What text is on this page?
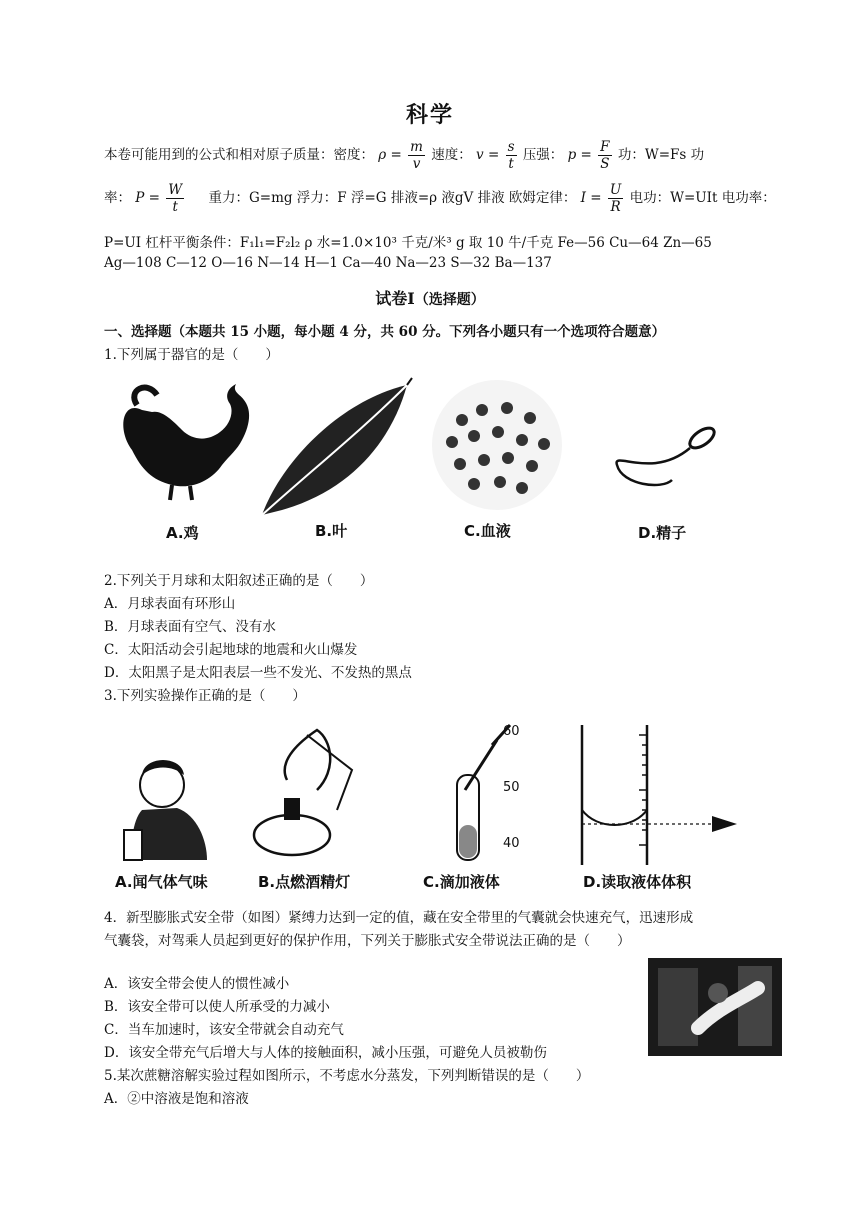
科学
本卷可能用到的公式和相对原子质量：密度： $\rho = \frac{m}{v}$ 速度： $v = \frac{s}{t}$ 压强： $p = \frac{F}{S}$ 功：W=Fs 功
率： $P = \frac{W}{t}$ 重力：G=mg 浮力：F 浮=G 排液=ρ 液gV 排液 欧姆定律： $I = \frac{U}{R}$ 电功：W=UIt 电功率：
P=UI 杠杆平衡条件：F₁l₁=F₂l₂ ρ 水=1.0×10³ 千克/米³ g 取 10 牛/千克 Fe—56 Cu—64 Zn—65
Ag—108 C—12 O—16 N—14 H—1 Ca—40 Na—23 S—32 Ba—137
试卷Ⅰ（选择题）
一、选择题（本题共 15 小题，每小题 4 分，共 60 分。下列各小题只有一个选项符合题意）
1.下列属于器官的是（　　）
A.鸡	B.叶	C.血液	D.精子
2.下列关于月球和太阳叙述正确的是（　　）
A．月球表面有环形山
B．月球表面有空气、没有水
C．太阳活动会引起地球的地震和火山爆发
D．太阳黑子是太阳表层一些不发光、不发热的黑点
3.下列实验操作正确的是（　　）
60
50
40
A.闻气体气味	B.点燃酒精灯	C.滴加液体	D.读取液体体积
4．新型膨胀式安全带（如图）紧缚力达到一定的值，藏在安全带里的气囊就会快速充气，迅速形成
气囊袋，对驾乘人员起到更好的保护作用，下列关于膨胀式安全带说法正确的是（　　）
A．该安全带会使人的惯性减小
B．该安全带可以使人所承受的力减小
C．当车加速时，该安全带就会自动充气
D．该安全带充气后增大与人体的接触面积，减小压强，可避免人员被勒伤
5.某次蔗糖溶解实验过程如图所示，不考虑水分蒸发，下列判断错误的是（　　）
A．②中溶液是饱和溶液
